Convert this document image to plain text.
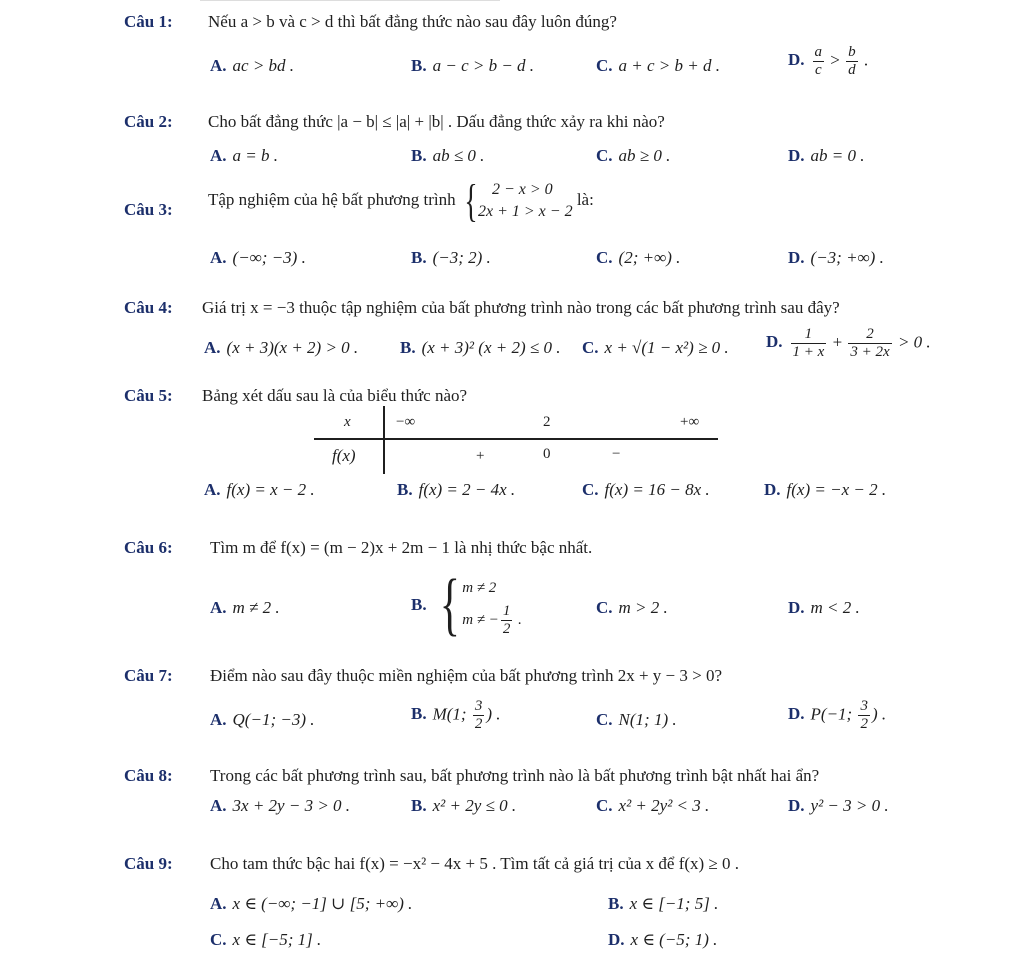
Câu 1: Nếu a > b và c > d thì bất đẳng thức nào sau đây luôn đúng?
A. ac > bd .	B. a − c > b − d .	C. a + c > b + d .	D. $\frac{a}{c} > \frac{b}{d}$ .
Câu 2: Cho bất đẳng thức |a − b| ≤ |a| + |b| . Dấu đẳng thức xảy ra khi nào?
A. a = b .	B. ab ≤ 0 .	C. ab ≥ 0 .	D. ab = 0 .
Câu 3:
Tập nghiệm của hệ bất phương trình { 2 − x > 0
2x + 1 > x − 2
là:
A. (−∞; −3) .	B. (−3; 2) .	C. (2; +∞) .	D. (−3; +∞) .
Câu 4: Giá trị x = −3 thuộc tập nghiệm của bất phương trình nào trong các bất phương trình sau đây?
A. (x + 3)(x + 2) > 0 . B. (x + 3)² (x + 2) ≤ 0 . C. x + √(1 − x²) ≥ 0 . D. $\frac{1}{1 + x} + \frac{2}{3 + 2x} > 0$ .
Câu 5: Bảng xét dấu sau là của biểu thức nào?
x	−∞	2	+∞
f(x)	+	0	−
A. f(x) = x − 2 .	B. f(x) = 2 − 4x .	C. f(x) = 16 − 8x .	D. f(x) = −x − 2 .
Câu 6: Tìm m để f(x) = (m − 2)x + 2m − 1 là nhị thức bậc nhất.
A. m ≠ 2 .	B. { m ≠ 2
m ≠ − $\frac{1}{2}$ .
C. m > 2 .	D. m < 2 .
Câu 7: Điểm nào sau đây thuộc miền nghiệm của bất phương trình 2x + y − 3 > 0?
A. Q(−1; −3) .	B. M(1; $\frac{3}{2}$ ) .	C. N(1; 1) .	D. P(−1; $\frac{3}{2}$ ) .
Câu 8: Trong các bất phương trình sau, bất phương trình nào là bất phương trình bật nhất hai ẩn?
A. 3x + 2y − 3 > 0 .	B. x² + 2y ≤ 0 .	C. x² + 2y² < 3 .	D. y² − 3 > 0 .
Câu 9: Cho tam thức bậc hai f(x) = −x² − 4x + 5 . Tìm tất cả giá trị của x để f(x) ≥ 0 .
A. x ∈ (−∞; −1] ∪ [5; +∞) .	B. x ∈ [−1; 5] .
C. x ∈ [−5; 1] .	D. x ∈ (−5; 1) .
